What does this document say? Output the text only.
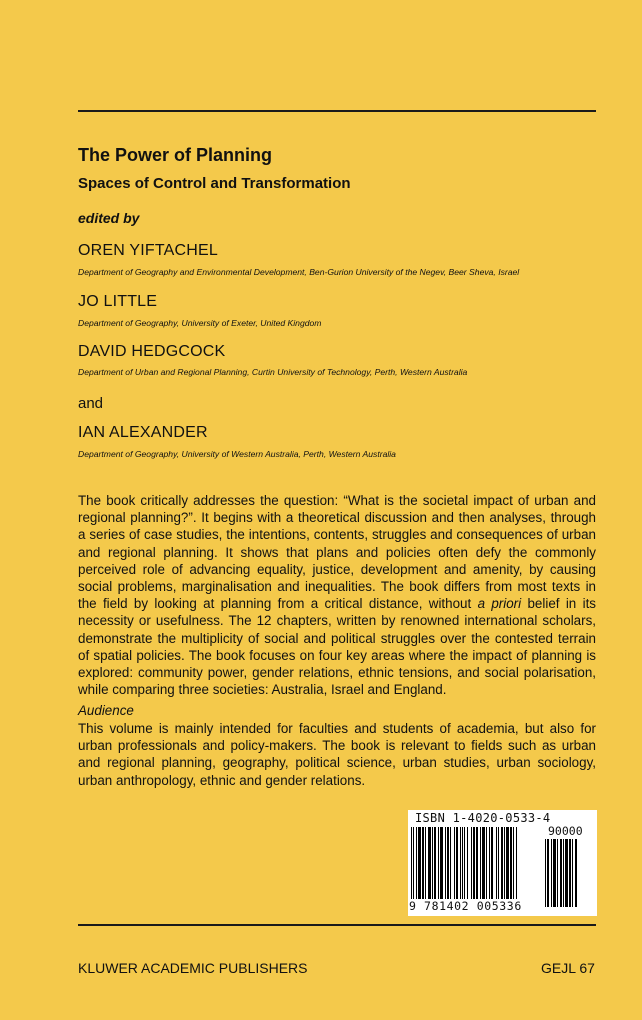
The Power of Planning
Spaces of Control and Transformation
edited by
OREN YIFTACHEL
Department of Geography and Environmental Development, Ben-Gurion University of the Negev, Beer Sheva, Israel
JO LITTLE
Department of Geography, University of Exeter, United Kingdom
DAVID HEDGCOCK
Department of Urban and Regional Planning, Curtin University of Technology, Perth, Western Australia
and
IAN ALEXANDER
Department of Geography, University of Western Australia, Perth, Western Australia

The book critically addresses the question: “What is the societal impact of urban and regional planning?”. It begins with a theoretical discussion and then analyses, through a series of case studies, the intentions, contents, struggles and consequences of urban and regional planning. It shows that plans and policies often defy the commonly perceived role of advancing equality, justice, development and amenity, by causing social problems, marginalisation and inequalities. The book differs from most texts in the field by looking at planning from a critical distance, without a priori belief in its necessity or usefulness. The 12 chapters, written by renowned international scholars, demonstrate the multiplicity of social and political struggles over the contested terrain of spatial policies. The book focuses on four key areas where the impact of planning is explored: community power, gender relations, ethnic tensions, and social polarisation, while comparing three societies: Australia, Israel and England.

Audience

This volume is mainly intended for faculties and students of academia, but also for urban professionals and policy-makers. The book is relevant to fields such as urban and regional planning, geography, political science, urban studies, urban sociology, urban anthropology, ethnic and gender relations.

ISBN 1-4020-0533-4
90000
9 781402 005336
KLUWER ACADEMIC PUBLISHERS	GEJL 67
